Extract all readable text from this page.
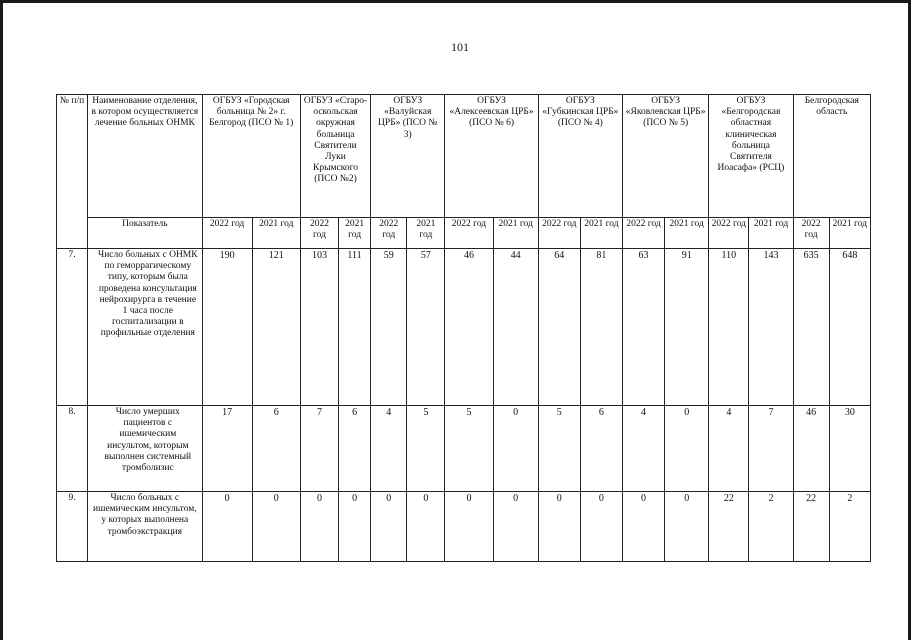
101
№ п/п	Наименование отделения, в котором осуществляется лечение больных ОНМК	ОГБУЗ «Городская больница № 2» г. Белгород (ПСО № 1)		ОГБУЗ «Старо-оскольская окружная больница Святители Луки Крымского (ПСО №2)		ОГБУЗ «Валуйская ЦРБ» (ПСО № 3)		ОГБУЗ «Алексеевская ЦРБ» (ПСО № 6)		ОГБУЗ «Губкинская ЦРБ» (ПСО № 4)		ОГБУЗ «Яковлевская ЦРБ» (ПСО № 5)		ОГБУЗ «Белгородская областная клиническая больница Святителя Иоасафа» (РСЦ)		Белгородская область	
	Показатель	2022 год	2021 год	2022 год	2021 год	2022 год	2021 год	2022 год	2021 год	2022 год	2021 год	2022 год	2021 год	2022 год	2021 год	2022 год	2021 год
7.	Число больных с ОНМК по геморрагическому типу, которым была проведена консультация нейрохирурга в течение 1 часа после госпитализации в профильные отделения	190	121	103	111	59	57	46	44	64	81	63	91	110	143	635	648
8.	Число умерших пациентов с ишемическим инсультом, которым выполнен системный тромболизис	17	6	7	6	4	5	5	0	5	6	4	0	4	7	46	30
9.	Число больных с ишемическим инсультом, у которых выполнена тромбоэкстракция	0	0	0	0	0	0	0	0	0	0	0	0	22	2	22	2
